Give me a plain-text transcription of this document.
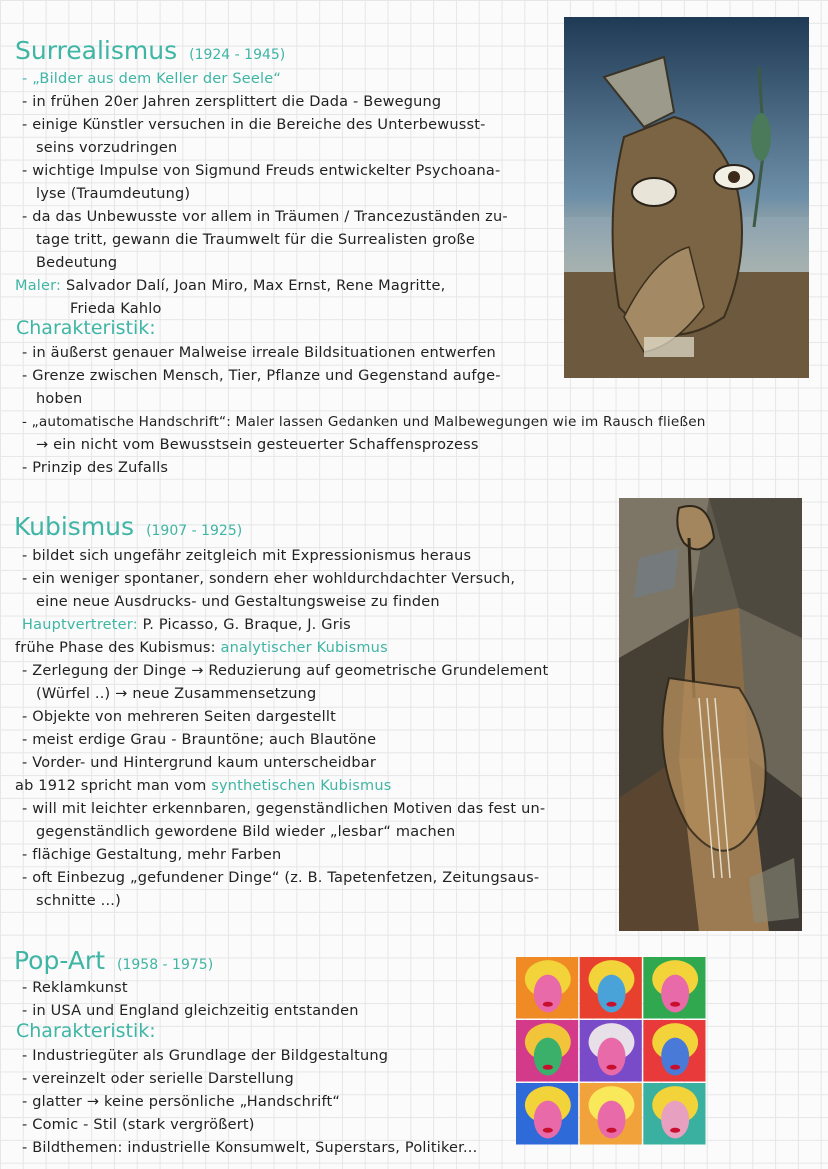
Surrealismus (1924 - 1945)
- „Bilder aus dem Keller der Seele“
- in frühen 20er Jahren zersplittert die Dada - Bewegung
- einige Künstler versuchen in die Bereiche des Unterbewusst-
seins vorzudringen
- wichtige Impulse von Sigmund Freuds entwickelter Psychoana-
lyse (Traumdeutung)
- da das Unbewusste vor allem in Träumen / Trancezuständen zu-
tage tritt, gewann die Traumwelt für die Surrealisten große
Bedeutung
Maler: Salvador Dalí, Joan Miro, Max Ernst, Rene Magritte,
Frieda Kahlo
Charakteristik:
- in äußerst genauer Malweise irreale Bildsituationen entwerfen
- Grenze zwischen Mensch, Tier, Pflanze und Gegenstand aufge-
hoben
- „automatische Handschrift“: Maler lassen Gedanken und Malbewegungen wie im Rausch fließen
→ ein nicht vom Bewusstsein gesteuerter Schaffensprozess
- Prinzip des Zufalls
Kubismus (1907 - 1925)
- bildet sich ungefähr zeitgleich mit Expressionismus heraus
- ein weniger spontaner, sondern eher wohldurchdachter Versuch,
eine neue Ausdrucks- und Gestaltungsweise zu finden
Hauptvertreter: P. Picasso, G. Braque, J. Gris
frühe Phase des Kubismus: analytischer Kubismus
- Zerlegung der Dinge → Reduzierung auf geometrische Grundelement
(Würfel ..) → neue Zusammensetzung
- Objekte von mehreren Seiten dargestellt
- meist erdige Grau - Brauntöne; auch Blautöne
- Vorder- und Hintergrund kaum unterscheidbar
ab 1912 spricht man vom synthetischen Kubismus
- will mit leichter erkennbaren, gegenständlichen Motiven das fest un-
gegenständlich gewordene Bild wieder „lesbar“ machen
- flächige Gestaltung, mehr Farben
- oft Einbezug „gefundener Dinge“ (z. B. Tapetenfetzen, Zeitungsaus-
schnitte ...)
Pop-Art (1958 - 1975)
- Reklamkunst
- in USA und England gleichzeitig entstanden
Charakteristik:
- Industriegüter als Grundlage der Bildgestaltung
- vereinzelt oder serielle Darstellung
- glatter → keine persönliche „Handschrift“
- Comic - Stil (stark vergrößert)
- Bildthemen: industrielle Konsumwelt, Superstars, Politiker...
